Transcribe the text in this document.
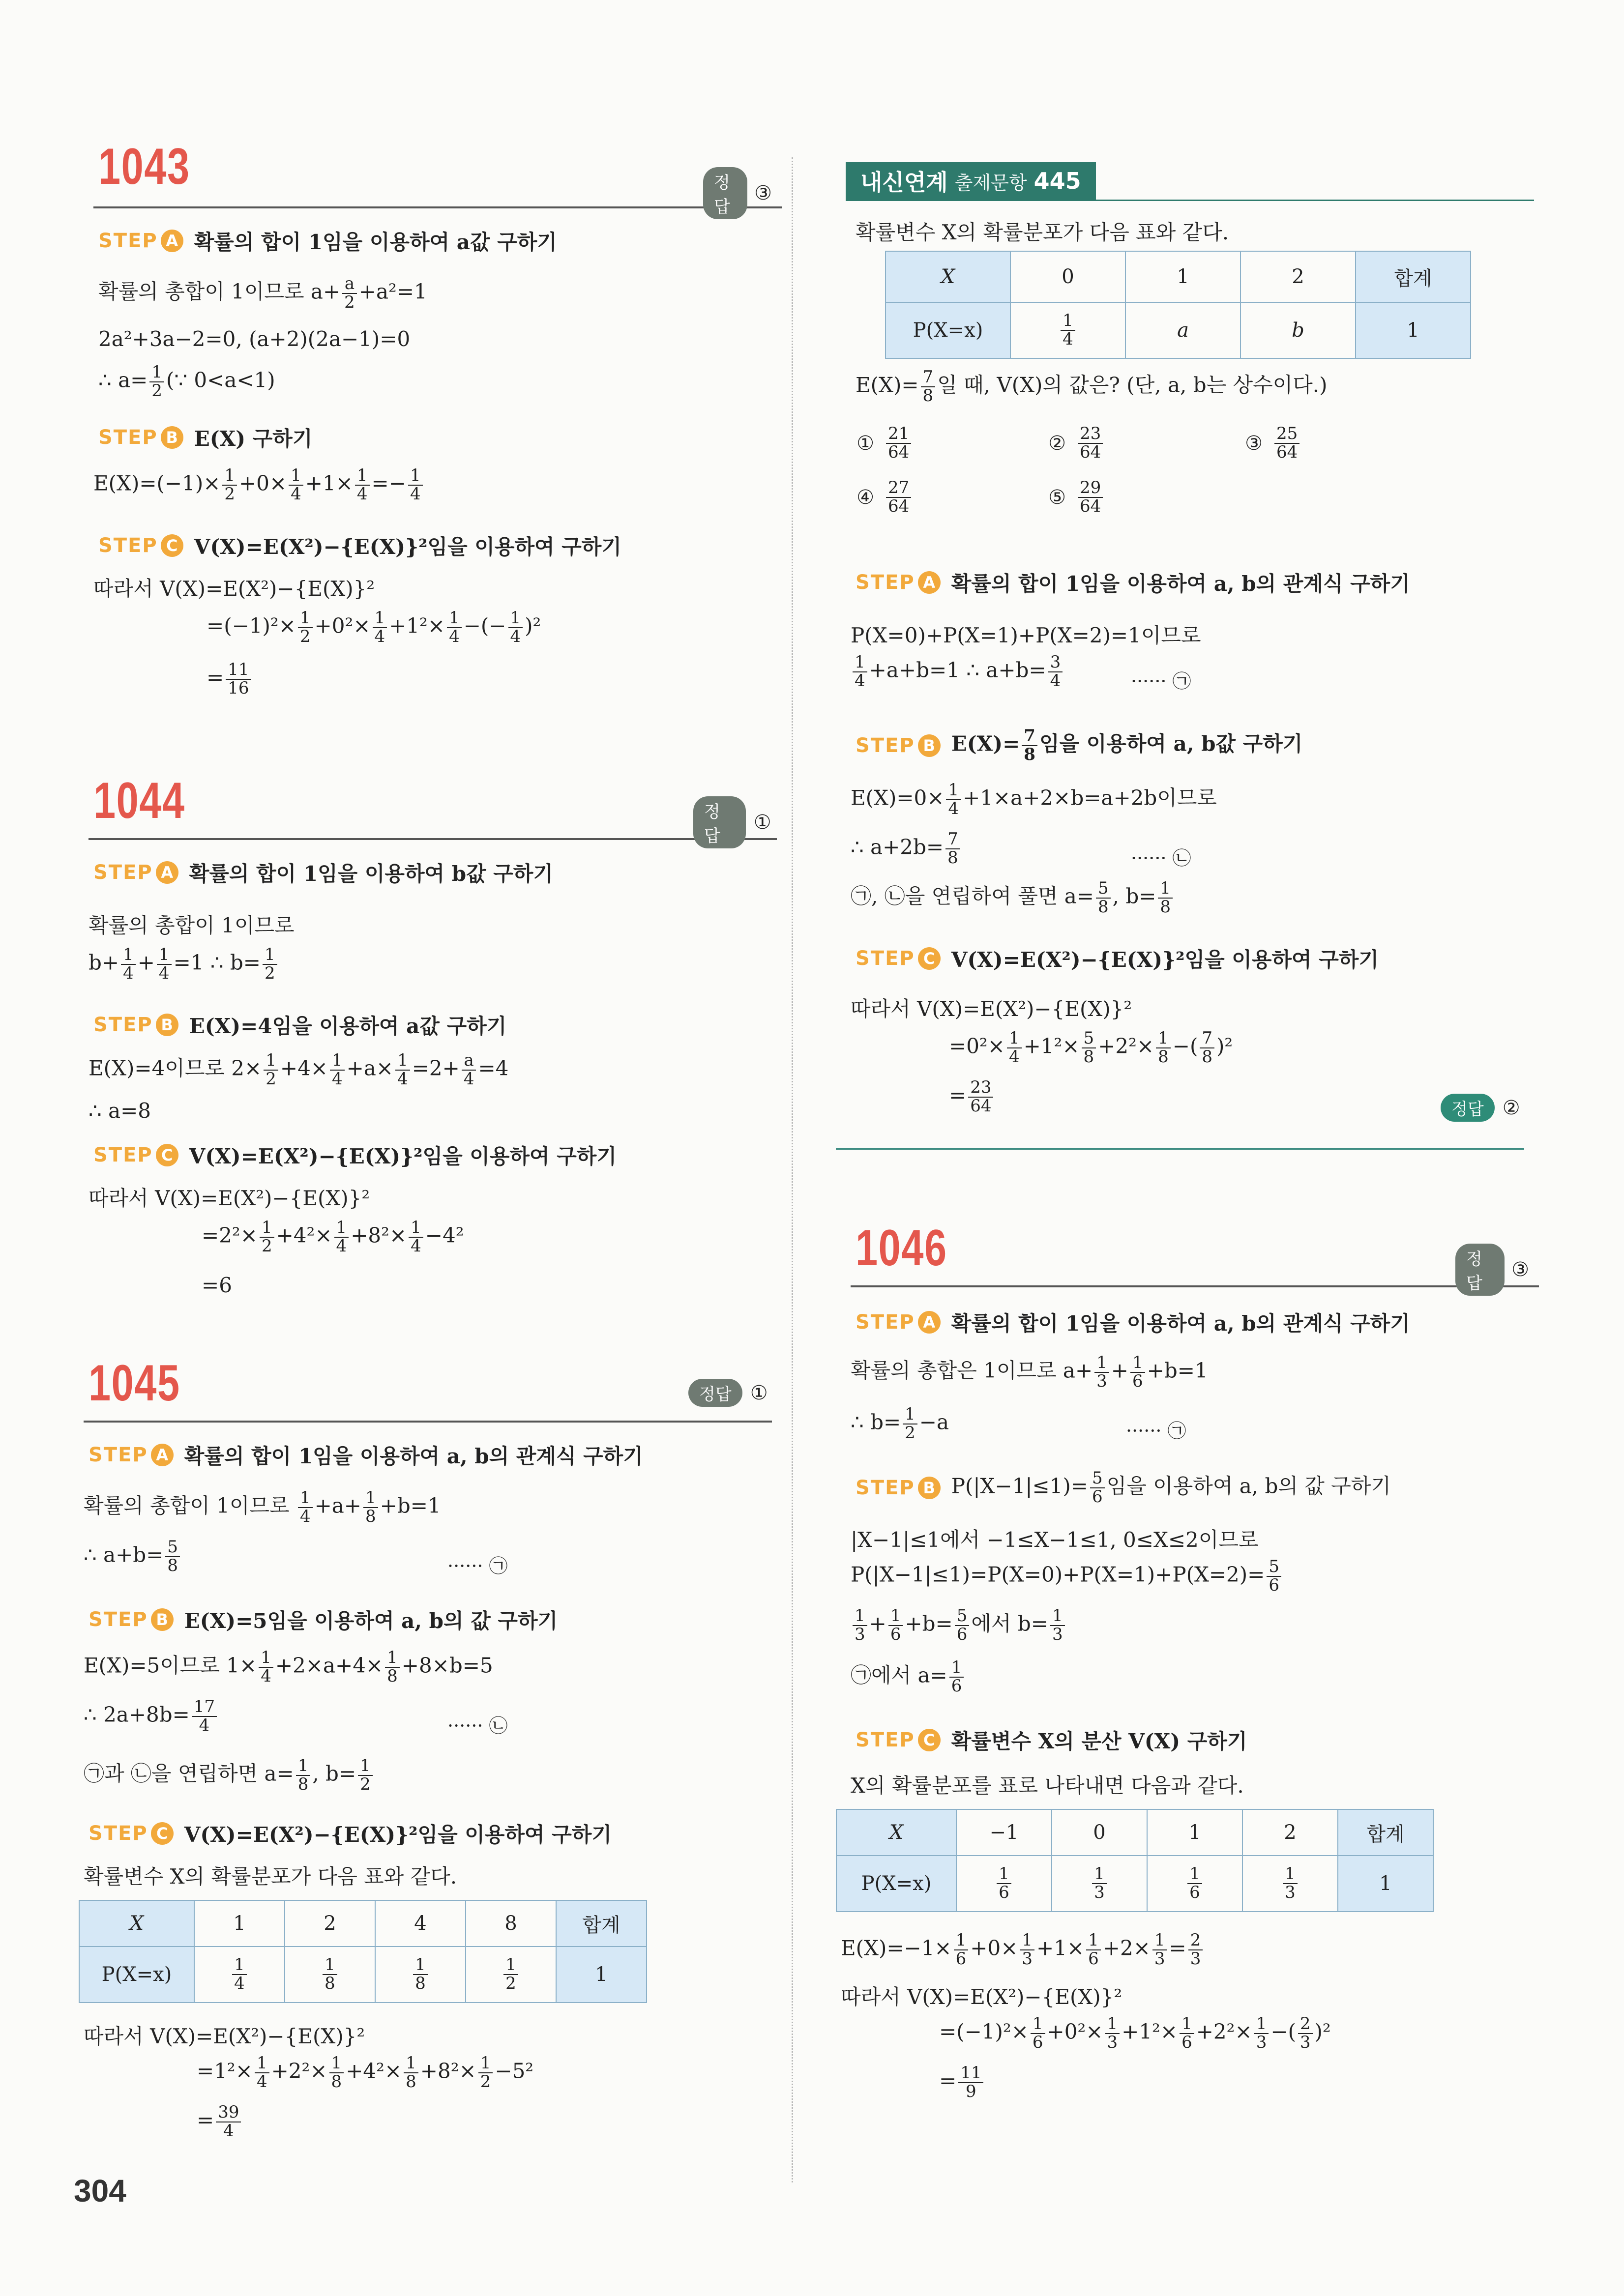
1043	정답
③
STEP A 확률의 합이 1임을 이용하여 a값 구하기
확률의 총합이 1이므로 $a+ \frac{a}{2} +a^2=1$
2a²+3a−2=0, (a+2)(2a−1)=0
∴ $a= \frac{1}{2}$ (∵ 0<a<1)
STEP B E(X) 구하기
$E(X)=(-1)\times \frac{1}{2} +0\times \frac{1}{4} +1\times \frac{1}{4} =- \frac{1}{4}$
STEP C V(X)=E(X²)−{E(X)}²임을 이용하여 구하기
따라서 V(X)=E(X²)−{E(X)}²
$=(-1)^2\times \frac{1}{2} +0^2\times \frac{1}{4} +1^2\times \frac{1}{4}$ −(− $\frac{1}{4} )^2$
= $\frac{11}{16}$
1044	정답
①
STEP A 확률의 합이 1임을 이용하여 b값 구하기
확률의 총합이 1이므로
$b+ \frac{1}{4} + \frac{1}{4} =1$ ∴ $b= \frac{1}{2}$
STEP B E(X)=4임을 이용하여 a값 구하기
E(X)=4이므로 $2\times \frac{1}{2} +4\times \frac{1}{4} +a\times \frac{1}{4} =2+ \frac{a}{4} =4$
∴ a=8
STEP C V(X)=E(X²)−{E(X)}²임을 이용하여 구하기
따라서 V(X)=E(X²)−{E(X)}²
$=2^2\times \frac{1}{2} +4^2\times \frac{1}{4} +8^2\times \frac{1}{4} -4^2$
=6
1045	정답 ①
STEP A 확률의 합이 1임을 이용하여 a, b의 관계식 구하기
확률의 총합이 1이므로 $\frac{1}{4} +a+ \frac{1}{8} +b=1$
∴ $a+b= \frac{5}{8}$	······ ㉠
STEP B E(X)=5임을 이용하여 a, b의 값 구하기
E(X)=5이므로 $1\times \frac{1}{4} +2\times a+4\times \frac{1}{8} +8\times b=5$
∴ $2a+8b= \frac{17}{4}$	······ ㉡
㉠과 ㉡을 연립하면 $a= \frac{1}{8}$ , $b= \frac{1}{2}$
STEP C V(X)=E(X²)−{E(X)}²임을 이용하여 구하기
확률변수 X의 확률분포가 다음 표와 같다.
X	1	2	4	8	합계
P(X=x)	$\frac{1}{4}$	$\frac{1}{8}$	$\frac{1}{8}$	$\frac{1}{2}$	1
따라서 V(X)=E(X²)−{E(X)}²
$=1^2\times \frac{1}{4} +2^2\times \frac{1}{8} +4^2\times \frac{1}{8} +8^2\times \frac{1}{2} -5^2$
= $\frac{39}{4}$
304
내신연계 출제문항 445
확률변수 X의 확률분포가 다음 표와 같다.
X	0	1	2	합계
P(X=x)	$\frac{1}{4}$	a	b	1
$E(X)= \frac{7}{8}$ 일 때, V(X)의 값은? (단, a, b는 상수이다.)
① 21
64	② 23
64	③ 25
64
④ 27
64	⑤ 29
64
STEP A 확률의 합이 1임을 이용하여 a, b의 관계식 구하기
P(X=0)+P(X=1)+P(X=2)=1이므로
$\frac{1}{4} +a+b=1$ ∴ $a+b= \frac{3}{4}$	······ ㉠
STEP B $E(X)= \frac{7}{8}$ 임을 이용하여 a, b값 구하기
$E(X)=0\times \frac{1}{4} +1\times a+2\times b=a+2b$이므로
∴ $a+2b= \frac{7}{8}$	······ ㉡
㉠, ㉡을 연립하여 풀면 $a= \frac{5}{8}$ , $b= \frac{1}{8}$
STEP C V(X)=E(X²)−{E(X)}²임을 이용하여 구하기
따라서 V(X)=E(X²)−{E(X)}²
$=0^2\times \frac{1}{4} +1^2\times \frac{5}{8} +2^2\times \frac{1}{8}$ −( $\frac{7}{8} )^2$
= $\frac{23}{64}$	정답 ②
1046	정답
③
STEP A 확률의 합이 1임을 이용하여 a, b의 관계식 구하기
확률의 총합은 1이므로 $a+ \frac{1}{3} + \frac{1}{6} +b=1$
∴ $b= \frac{1}{2} -a$	······ ㉠
STEP B $P(|X-1|\le 1)= \frac{5}{6}$ 임을 이용하여 a, b의 값 구하기
|X−1|≤1에서 −1≤X−1≤1, 0≤X≤2이므로
$P(|X-1|\le 1)=P(X=0)+P(X=1)+P(X=2)= \frac{5}{6}$
$\frac{1}{3} + \frac{1}{6} +b= \frac{5}{6}$ 에서 $b= \frac{1}{3}$
㉠에서 $a= \frac{1}{6}$
STEP C 확률변수 X의 분산 V(X) 구하기
X의 확률분포를 표로 나타내면 다음과 같다.
X	−1	0	1	2	합계
P(X=x)	$\frac{1}{6}$	$\frac{1}{3}$	$\frac{1}{6}$	$\frac{1}{3}$	1
$E(X)=-1\times \frac{1}{6} +0\times \frac{1}{3} +1\times \frac{1}{6} +2\times \frac{1}{3} = \frac{2}{3}$
따라서 V(X)=E(X²)−{E(X)}²
$=(-1)^2\times \frac{1}{6} +0^2\times \frac{1}{3} +1^2\times \frac{1}{6} +2^2\times \frac{1}{3}$ −( $\frac{2}{3} )^2$
= $\frac{11}{9}$
